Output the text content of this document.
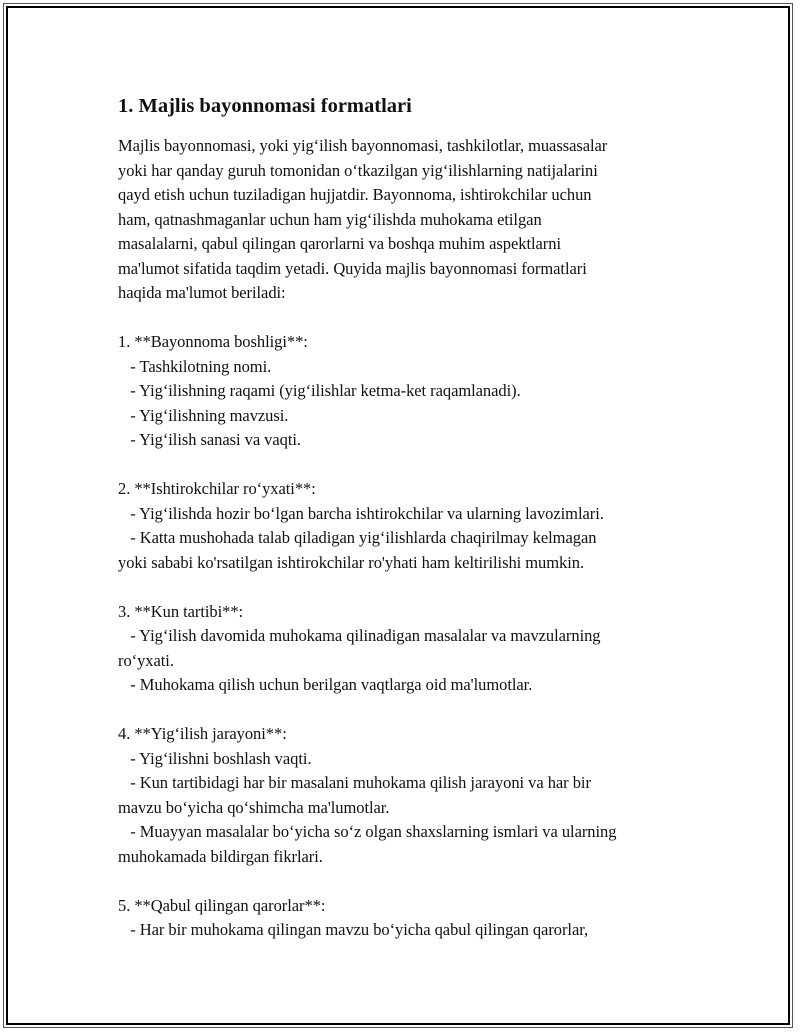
1. Majlis bayonnomasi formatlari
Majlis bayonnomasi, yoki yig‘ilish bayonnomasi, tashkilotlar, muassasalar
yoki har qanday guruh tomonidan o‘tkazilgan yig‘ilishlarning natijalarini
qayd etish uchun tuziladigan hujjatdir. Bayonnoma, ishtirokchilar uchun
ham, qatnashmaganlar uchun ham yig‘ilishda muhokama etilgan
masalalarni, qabul qilingan qarorlarni va boshqa muhim aspektlarni
ma'lumot sifatida taqdim yetadi. Quyida majlis bayonnomasi formatlari
haqida ma'lumot beriladi:
1. **Bayonnoma boshligi**:
- Tashkilotning nomi.
- Yig‘ilishning raqami (yig‘ilishlar ketma-ket raqamlanadi).
- Yig‘ilishning mavzusi.
- Yig‘ilish sanasi va vaqti.
2. **Ishtirokchilar ro‘yxati**:
- Yig‘ilishda hozir bo‘lgan barcha ishtirokchilar va ularning lavozimlari.
- Katta mushohada talab qiladigan yig‘ilishlarda chaqirilmay kelmagan
yoki sababi ko'rsatilgan ishtirokchilar ro'yhati ham keltirilishi mumkin.
3. **Kun tartibi**:
- Yig‘ilish davomida muhokama qilinadigan masalalar va mavzularning
ro‘yxati.
- Muhokama qilish uchun berilgan vaqtlarga oid ma'lumotlar.
4. **Yig‘ilish jarayoni**:
- Yig‘ilishni boshlash vaqti.
- Kun tartibidagi har bir masalani muhokama qilish jarayoni va har bir
mavzu bo‘yicha qo‘shimcha ma'lumotlar.
- Muayyan masalalar bo‘yicha so‘z olgan shaxslarning ismlari va ularning
muhokamada bildirgan fikrlari.
5. **Qabul qilingan qarorlar**:
- Har bir muhokama qilingan mavzu bo‘yicha qabul qilingan qarorlar,
